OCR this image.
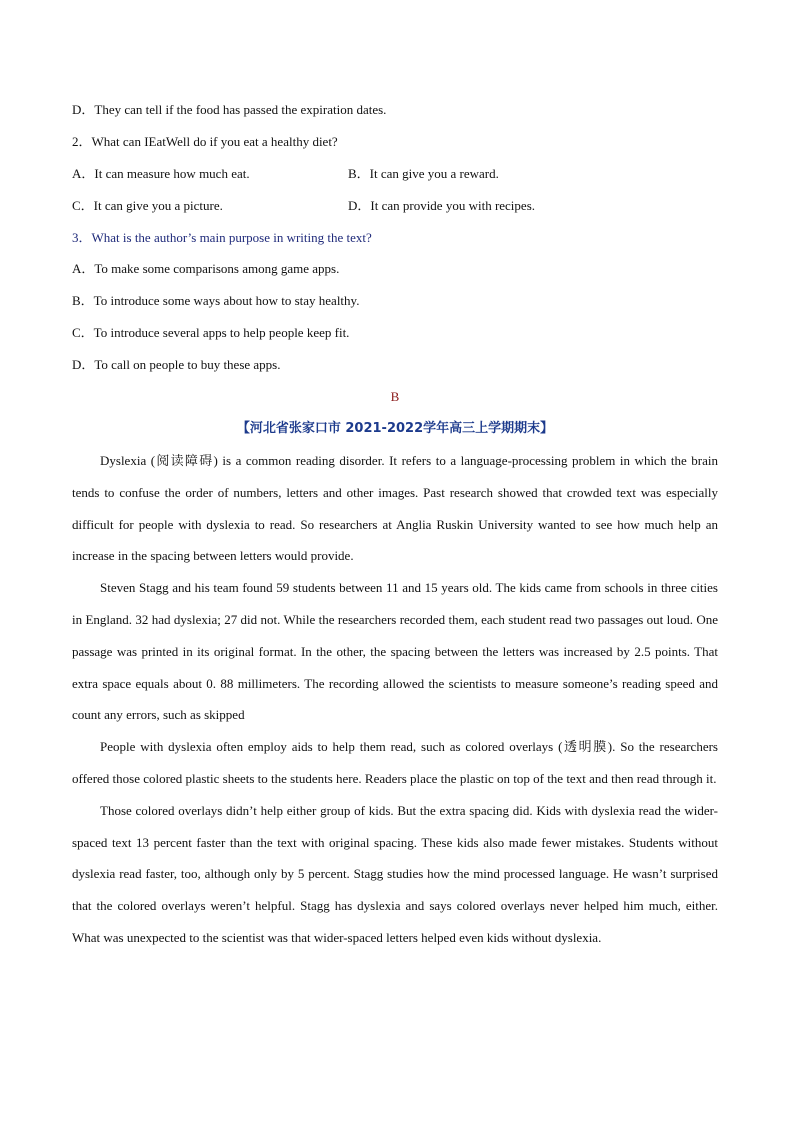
D．They can tell if the food has passed the expiration dates.
2．What can IEatWell do if you eat a healthy diet?
A．It can measure how much eat.	B．It can give you a reward.
C．It can give you a picture.	D．It can provide you with recipes.
3．What is the author’s main purpose in writing the text?
A．To make some comparisons among game apps.
B．To introduce some ways about how to stay healthy.
C．To introduce several apps to help people keep fit.
D．To call on people to buy these apps.
B
【河北省张家口市 2021-2022学年高三上学期期末】

Dyslexia (阅读障碍) is a common reading disorder. It refers to a language-processing problem in which the brain tends to confuse the order of numbers, letters and other images. Past research showed that crowded text was especially difficult for people with dyslexia to read. So researchers at Anglia Ruskin University wanted to see how much help an increase in the spacing between letters would provide.

Steven Stagg and his team found 59 students between 11 and 15 years old. The kids came from schools in three cities in England. 32 had dyslexia; 27 did not. While the researchers recorded them, each student read two passages out loud. One passage was printed in its original format. In the other, the spacing between the letters was increased by 2.5 points. That extra space equals about 0. 88 millimeters. The recording allowed the scientists to measure someone’s reading speed and count any errors, such as skipped

People with dyslexia often employ aids to help them read, such as colored overlays (透明膜). So the researchers offered those colored plastic sheets to the students here. Readers place the plastic on top of the text and then read through it.

Those colored overlays didn’t help either group of kids. But the extra spacing did. Kids with dyslexia read the wider-spaced text 13 percent faster than the text with original spacing. These kids also made fewer mistakes. Students without dyslexia read faster, too, although only by 5 percent. Stagg studies how the mind processed language. He wasn’t surprised that the colored overlays weren’t helpful. Stagg has dyslexia and says colored overlays never helped him much, either. What was unexpected to the scientist was that wider-spaced letters helped even kids without dyslexia.
